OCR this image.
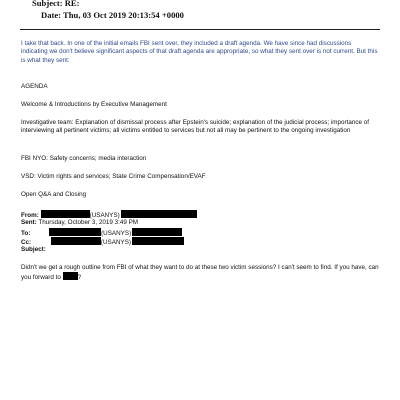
Subject: RE:
Date: Thu, 03 Oct 2019 20:13:54 +0000
I take that back. In one of the initial emails FBI sent over, they included a draft agenda. We have since had discussions indicating we don't believe significant aspects of that draft agenda are appropriate, so what they sent over is not current. But this is what they sent:
AGENDA
Welcome & Introductions by Executive Management
Investigative team: Explanation of dismissal process after Epstein's suicide; explanation of the judicial process; importance of interviewing all pertinent victims; all victims entitled to services but not all may be pertinent to the ongoing investigation
FBI NYO: Safety concerns; media interaction
VSD: Victim rights and services; State Crime Compensation/EVAF
Open Q&A and Closing
From:	(USANYS)
Sent: Thursday, October 3, 2019 3:49 PM
To:	(USANYS)
Cc:	(USANYS)
Subject:
Didn't we get a rough outline from FBI of what they want to do at these two victim sessions? I can't seem to find. If you have, can you forward to	?
